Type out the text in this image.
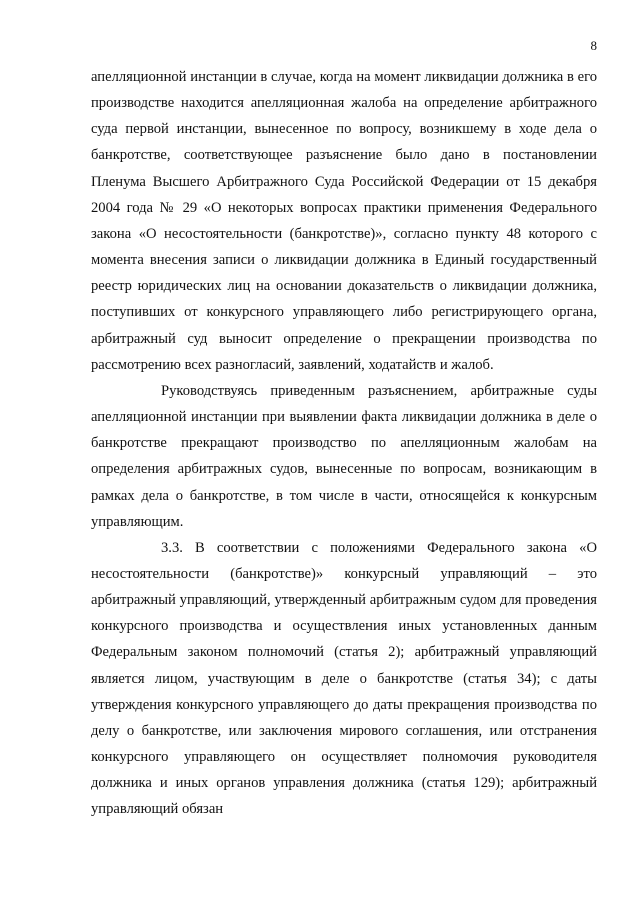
8

апелляционной инстанции в случае, когда на момент ликвидации должника в его производстве находится апелляционная жалоба на определение арбитражного суда первой инстанции, вынесенное по вопросу, возникшему в ходе дела о банкротстве, соответствующее разъяснение было дано в постановлении Пленума Высшего Арбитражного Суда Российской Федерации от 15 декабря 2004 года № 29 «О некоторых вопросах практики применения Федерального закона «О несостоятельности (банкротстве)», согласно пункту 48 которого с момента внесения записи о ликвидации должника в Единый государственный реестр юридических лиц на основании доказательств о ликвидации должника, поступивших от конкурсного управляющего либо регистрирующего органа, арбитражный суд выносит определение о прекращении производства по рассмотрению всех разногласий, заявлений, ходатайств и жалоб.

Руководствуясь приведенным разъяснением, арбитражные суды апелляционной инстанции при выявлении факта ликвидации должника в деле о банкротстве прекращают производство по апелляционным жалобам на определения арбитражных судов, вынесенные по вопросам, возникающим в рамках дела о банкротстве, в том числе в части, относящейся к конкурсным управляющим.

3.3. В соответствии с положениями Федерального закона «О несостоятельности (банкротстве)» конкурсный управляющий – это арбитражный управляющий, утвержденный арбитражным судом для проведения конкурсного производства и осуществления иных установленных данным Федеральным законом полномочий (статья 2); арбитражный управляющий является лицом, участвующим в деле о банкротстве (статья 34); с даты утверждения конкурсного управляющего до даты прекращения производства по делу о банкротстве, или заключения мирового соглашения, или отстранения конкурсного управляющего он осуществляет полномочия руководителя должника и иных органов управления должника (статья 129); арбитражный управляющий обязан
